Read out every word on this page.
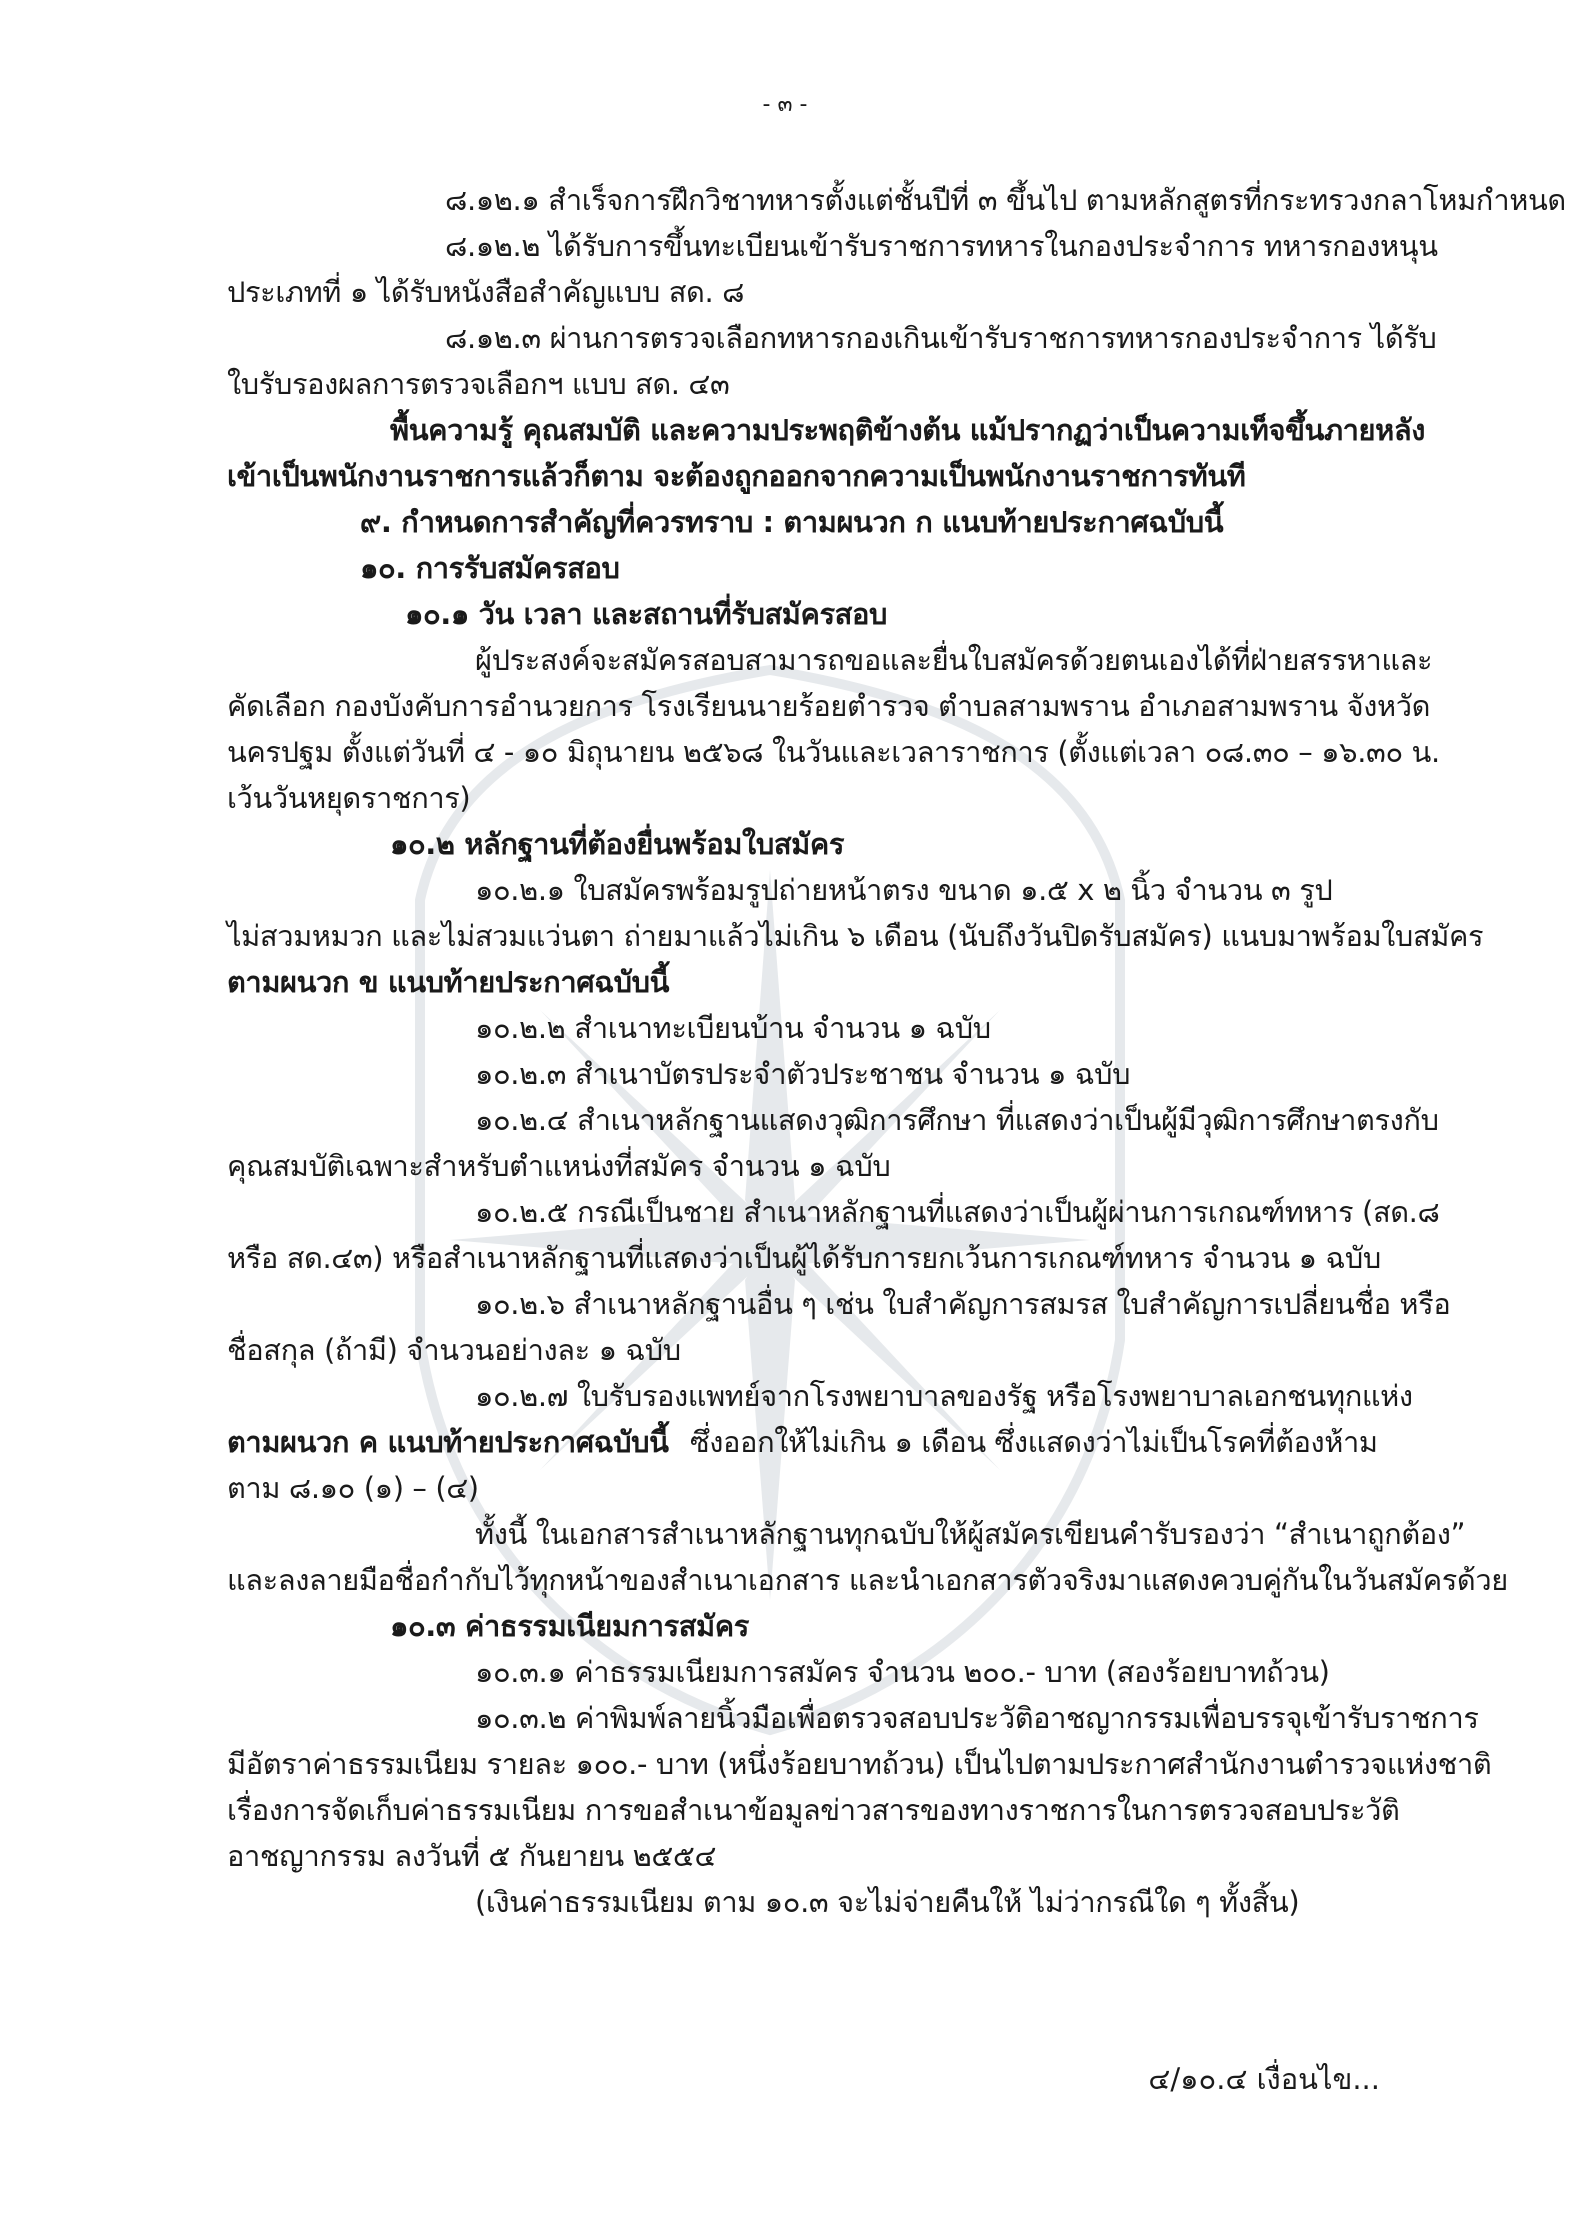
- ๓ -
๘.๑๒.๑ สำเร็จการฝึกวิชาทหารตั้งแต่ชั้นปีที่ ๓ ขึ้นไป ตามหลักสูตรที่กระทรวงกลาโหมกำหนด
๘.๑๒.๒ ได้รับการขึ้นทะเบียนเข้ารับราชการทหารในกองประจำการ ทหารกองหนุน
ประเภทที่ ๑ ได้รับหนังสือสำคัญแบบ สด. ๘
๘.๑๒.๓ ผ่านการตรวจเลือกทหารกองเกินเข้ารับราชการทหารกองประจำการ ได้รับ
ใบรับรองผลการตรวจเลือกฯ แบบ สด. ๔๓
พื้นความรู้ คุณสมบัติ และความประพฤติข้างต้น แม้ปรากฏว่าเป็นความเท็จขึ้นภายหลัง
เข้าเป็นพนักงานราชการแล้วก็ตาม จะต้องถูกออกจากความเป็นพนักงานราชการทันที
๙. กำหนดการสำคัญที่ควรทราบ : ตามผนวก ก แนบท้ายประกาศฉบับนี้
๑๐. การรับสมัครสอบ
๑๐.๑ วัน เวลา และสถานที่รับสมัครสอบ
ผู้ประสงค์จะสมัครสอบสามารถขอและยื่นใบสมัครด้วยตนเองได้ที่ฝ่ายสรรหาและ
คัดเลือก กองบังคับการอำนวยการ โรงเรียนนายร้อยตำรวจ ตำบลสามพราน อำเภอสามพราน จังหวัด
นครปฐม ตั้งแต่วันที่ ๔ - ๑๐ มิถุนายน ๒๕๖๘ ในวันและเวลาราชการ (ตั้งแต่เวลา ๐๘.๓๐ – ๑๖.๓๐ น.
เว้นวันหยุดราชการ)
๑๐.๒ หลักฐานที่ต้องยื่นพร้อมใบสมัคร
๑๐.๒.๑ ใบสมัครพร้อมรูปถ่ายหน้าตรง ขนาด ๑.๕ x ๒ นิ้ว จำนวน ๓ รูป
ไม่สวมหมวก และไม่สวมแว่นตา ถ่ายมาแล้วไม่เกิน ๖ เดือน (นับถึงวันปิดรับสมัคร) แนบมาพร้อมใบสมัคร
ตามผนวก ข แนบท้ายประกาศฉบับนี้
๑๐.๒.๒ สำเนาทะเบียนบ้าน จำนวน ๑ ฉบับ
๑๐.๒.๓ สำเนาบัตรประจำตัวประชาชน จำนวน ๑ ฉบับ
๑๐.๒.๔ สำเนาหลักฐานแสดงวุฒิการศึกษา ที่แสดงว่าเป็นผู้มีวุฒิการศึกษาตรงกับ
คุณสมบัติเฉพาะสำหรับตำแหน่งที่สมัคร จำนวน ๑ ฉบับ
๑๐.๒.๕ กรณีเป็นชาย สำเนาหลักฐานที่แสดงว่าเป็นผู้ผ่านการเกณฑ์ทหาร (สด.๘
หรือ สด.๔๓) หรือสำเนาหลักฐานที่แสดงว่าเป็นผู้ได้รับการยกเว้นการเกณฑ์ทหาร จำนวน ๑ ฉบับ
๑๐.๒.๖ สำเนาหลักฐานอื่น ๆ เช่น ใบสำคัญการสมรส ใบสำคัญการเปลี่ยนชื่อ หรือ
ชื่อสกุล (ถ้ามี) จำนวนอย่างละ ๑ ฉบับ
๑๐.๒.๗ ใบรับรองแพทย์จากโรงพยาบาลของรัฐ หรือโรงพยาบาลเอกชนทุกแห่ง
ตามผนวก ค แนบท้ายประกาศฉบับนี้ ซึ่งออกให้ไม่เกิน ๑ เดือน ซึ่งแสดงว่าไม่เป็นโรคที่ต้องห้าม
ตาม ๘.๑๐ (๑) – (๔)
ทั้งนี้ ในเอกสารสำเนาหลักฐานทุกฉบับให้ผู้สมัครเขียนคำรับรองว่า “สำเนาถูกต้อง”
และลงลายมือชื่อกำกับไว้ทุกหน้าของสำเนาเอกสาร และนำเอกสารตัวจริงมาแสดงควบคู่กันในวันสมัครด้วย
๑๐.๓ ค่าธรรมเนียมการสมัคร
๑๐.๓.๑ ค่าธรรมเนียมการสมัคร จำนวน ๒๐๐.- บาท (สองร้อยบาทถ้วน)
๑๐.๓.๒ ค่าพิมพ์ลายนิ้วมือเพื่อตรวจสอบประวัติอาชญากรรมเพื่อบรรจุเข้ารับราชการ
มีอัตราค่าธรรมเนียม รายละ ๑๐๐.- บาท (หนึ่งร้อยบาทถ้วน) เป็นไปตามประกาศสำนักงานตำรวจแห่งชาติ
เรื่องการจัดเก็บค่าธรรมเนียม การขอสำเนาข้อมูลข่าวสารของทางราชการในการตรวจสอบประวัติ
อาชญากรรม ลงวันที่ ๕ กันยายน ๒๕๕๔
(เงินค่าธรรมเนียม ตาม ๑๐.๓ จะไม่จ่ายคืนให้ ไม่ว่ากรณีใด ๆ ทั้งสิ้น)
๔/๑๐.๔ เงื่อนไข...
